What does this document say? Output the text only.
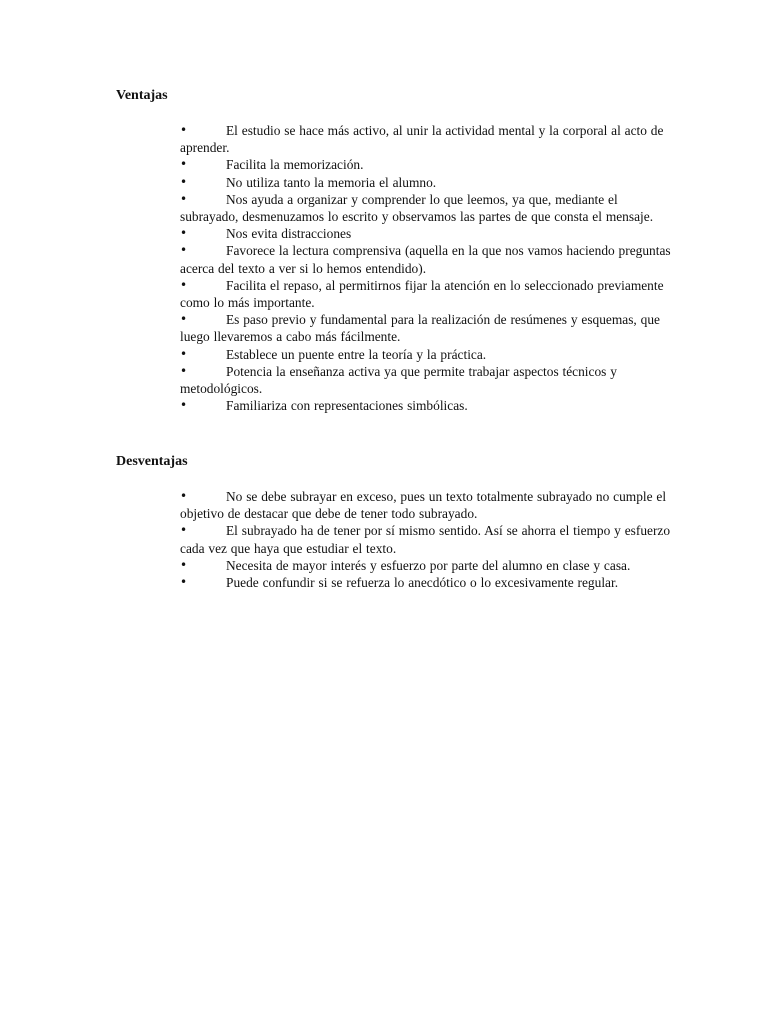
Ventajas
•	El estudio se hace más activo, al unir la actividad mental y la corporal al acto de aprender.
•	Facilita la memorización.
•	No utiliza tanto la memoria el alumno.
•	Nos ayuda a organizar y comprender lo que leemos, ya que, mediante el subrayado, desmenuzamos lo escrito y observamos las partes de que consta el mensaje.
•	Nos evita distracciones
•	Favorece la lectura comprensiva (aquella en la que nos vamos haciendo preguntas acerca del texto a ver si lo hemos entendido).
•	Facilita el repaso, al permitirnos fijar la atención en lo seleccionado previamente como lo más importante.
•	Es paso previo y fundamental para la realización de resúmenes y esquemas, que luego llevaremos a cabo más fácilmente.
•	Establece un puente entre la teoría y la práctica.
•	Potencia la enseñanza activa ya que permite trabajar aspectos técnicos y metodológicos.
•	Familiariza con representaciones simbólicas.
Desventajas
•	No se debe subrayar en exceso, pues un texto totalmente subrayado no cumple el objetivo de destacar que debe de tener todo subrayado.
•	El subrayado ha de tener por sí mismo sentido. Así se ahorra el tiempo y esfuerzo cada vez que haya que estudiar el texto.
•	Necesita de mayor interés y esfuerzo por parte del alumno en clase y casa.
•	Puede confundir si se refuerza lo anecdótico o lo excesivamente regular.
